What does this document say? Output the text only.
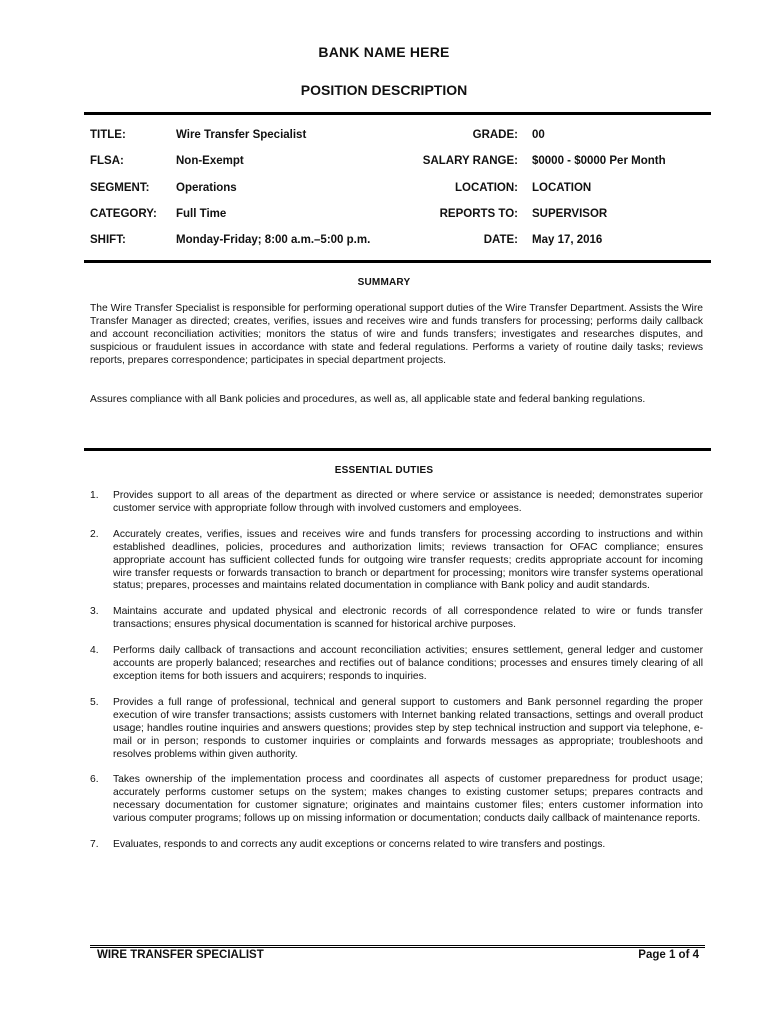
BANK NAME HERE
POSITION DESCRIPTION
TITLE:	Wire Transfer Specialist	GRADE: 00
FLSA:	Non-Exempt	SALARY RANGE: $0000 - $0000 Per Month
SEGMENT: Operations	LOCATION: LOCATION
CATEGORY: Full Time	REPORTS TO: SUPERVISOR
SHIFT:	Monday-Friday; 8:00 a.m.–5:00 p.m.	DATE: May 17, 2016
SUMMARY
The Wire Transfer Specialist is responsible for performing operational support duties of the Wire Transfer Department. Assists the Wire Transfer Manager as directed; creates, verifies, issues and receives wire and funds transfers for processing; performs daily callback and account reconciliation activities; monitors the status of wire and funds transfers; investigates and researches disputes, and suspicious or fraudulent issues in accordance with state and federal regulations. Performs a variety of routine daily tasks; reviews reports, prepares correspondence; participates in special department projects.
Assures compliance with all Bank policies and procedures, as well as, all applicable state and federal banking regulations.
ESSENTIAL DUTIES
1.	Provides support to all areas of the department as directed or where service or assistance is needed; demonstrates superior customer service with appropriate follow through with involved customers and employees.
2.	Accurately creates, verifies, issues and receives wire and funds transfers for processing according to instructions and within established deadlines, policies, procedures and authorization limits; reviews transaction for OFAC compliance; ensures appropriate account has sufficient collected funds for outgoing wire transfer requests; credits appropriate account for incoming wire transfer requests or forwards transaction to branch or department for processing; monitors wire transfer systems operational status; prepares, processes and maintains related documentation in compliance with Bank policy and audit standards.
3.	Maintains accurate and updated physical and electronic records of all correspondence related to wire or funds transfer transactions; ensures physical documentation is scanned for historical archive purposes.
4.	Performs daily callback of transactions and account reconciliation activities; ensures settlement, general ledger and customer accounts are properly balanced; researches and rectifies out of balance conditions; processes and ensures timely clearing of all exception items for both issuers and acquirers; responds to inquiries.
5.	Provides a full range of professional, technical and general support to customers and Bank personnel regarding the proper execution of wire transfer transactions; assists customers with Internet banking related transactions, settings and overall product usage; handles routine inquiries and answers questions; provides step by step technical instruction and support via telephone, e-mail or in person; responds to customer inquiries or complaints and forwards messages as appropriate; troubleshoots and resolves problems within given authority.
6.	Takes ownership of the implementation process and coordinates all aspects of customer preparedness for product usage; accurately performs customer setups on the system; makes changes to existing customer setups; prepares contracts and necessary documentation for customer signature; originates and maintains customer files; enters customer information into various computer programs; follows up on missing information or documentation; conducts daily callback of maintenance reports.
7.	Evaluates, responds to and corrects any audit exceptions or concerns related to wire transfers and postings.
WIRE TRANSFER SPECIALIST	Page 1 of 4
